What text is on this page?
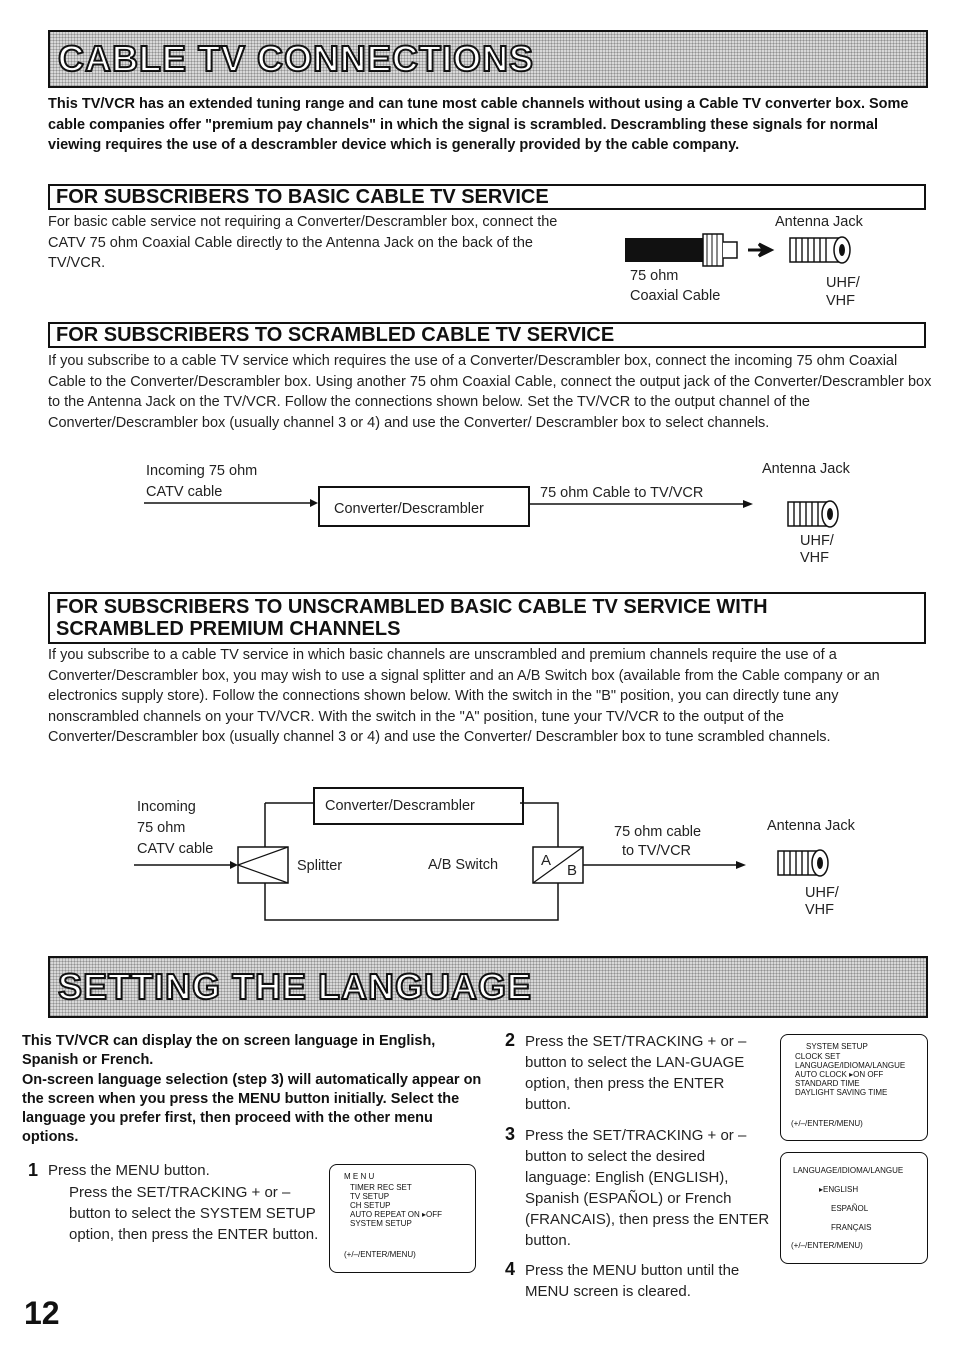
CABLE TV CONNECTIONS
This TV/VCR has an extended tuning range and can tune most cable channels without using a Cable TV converter box. Some cable companies offer "premium pay channels" in which the signal is scrambled. Descrambling these signals for normal viewing requires the use of a descrambler device which is generally provided by the cable company.
FOR SUBSCRIBERS TO BASIC CABLE TV SERVICE
For basic cable service not requiring a Converter/Descrambler box, connect the CATV 75 ohm Coaxial Cable directly to the Antenna Jack on the back of the TV/VCR.
Antenna Jack
75 ohm
Coaxial Cable
UHF/
VHF
FOR SUBSCRIBERS TO SCRAMBLED CABLE TV SERVICE
If you subscribe to a cable TV service which requires the use of a Converter/Descrambler box, connect the incoming 75 ohm Coaxial Cable to the Converter/Descrambler box. Using another 75 ohm Coaxial Cable, connect the output jack of the Converter/Descrambler box to the Antenna Jack on the TV/VCR. Follow the connections shown below. Set the TV/VCR to the output channel of the Converter/Descrambler box (usually channel 3 or 4) and use the Converter/ Descrambler box to select channels.
Incoming 75 ohm
CATV cable
Antenna Jack
75 ohm Cable to TV/VCR
Converter/Descrambler
UHF/
VHF
FOR SUBSCRIBERS TO UNSCRAMBLED BASIC CABLE TV SERVICE WITH
SCRAMBLED PREMIUM CHANNELS
If you subscribe to a cable TV service in which basic channels are unscrambled and premium channels require the use of a Converter/Descrambler box, you may wish to use a signal splitter and an A/B Switch box (available from the Cable company or an electronics supply store). Follow the connections shown below. With the switch in the "B" position, you can directly tune any nonscrambled channels on your TV/VCR. With the switch in the "A" position, tune your TV/VCR to the output of the Converter/Descrambler box (usually channel 3 or 4) and use the Converter/ Descrambler box to tune scrambled channels.
Incoming
75 ohm
CATV cable
Converter/Descrambler
Splitter	A/B Switch	A
B
75 ohm cable
to TV/VCR
Antenna Jack
UHF/
VHF
SETTING THE LANGUAGE
This TV/VCR can display the on screen language in English, Spanish or French.
On-screen language selection (step 3) will automatically appear on the screen when you press the MENU button initially. Select the language you prefer first, then proceed with the other menu options.
1 Press the MENU button.
Press the SET/TRACKING + or – button to select the SYSTEM SETUP option, then press the ENTER button.
M E N U
TIMER REC SET
TV SETUP
CH SETUP
AUTO REPEAT ON ▸OFF
SYSTEM SETUP
(+/–/ENTER/MENU)
2 Press the SET/TRACKING + or – button to select the LAN-GUAGE option, then press the ENTER button.
3 Press the SET/TRACKING + or – button to select the desired language: English (ENGLISH), Spanish (ESPAÑOL) or French (FRANCAIS), then press the ENTER button.
4 Press the MENU button until the MENU screen is cleared.
SYSTEM SETUP
CLOCK SET
LANGUAGE/IDIOMA/LANGUE
AUTO CLOCK ▸ON OFF
STANDARD TIME
DAYLIGHT SAVING TIME
(+/–/ENTER/MENU)
LANGUAGE/IDIOMA/LANGUE
▸ENGLISH
ESPAÑOL
FRANÇAIS
(+/–/ENTER/MENU)
12
